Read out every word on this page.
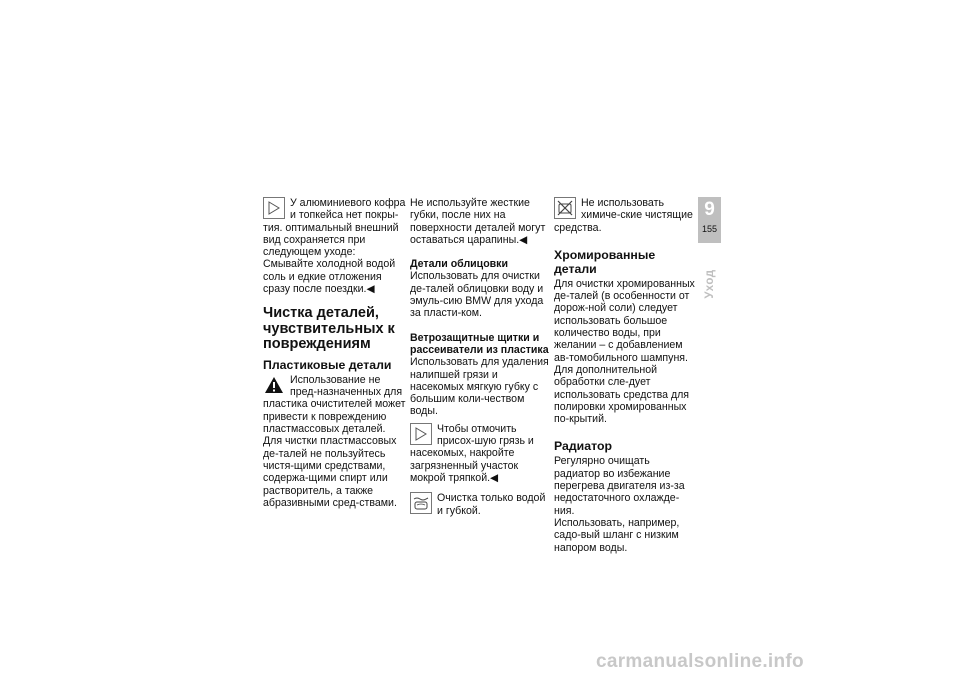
У алюминиевого кофра и топкейса нет покры-тия. оптимальный внешний вид сохраняется при следующем уходе:

Смывайте холодной водой соль и едкие отложения сразу после поездки.◀

Чистка деталей, чувствительных к повреждениям
Пластиковые детали

Использование не пред-назначенных для пластика очистителей может привести к повреждению пластмассовых деталей.

Для чистки пластмассовых де-талей не пользуйтесь чистя-щими средствами, содержа-щими спирт или растворитель, а также абразивными сред-ствами.

Не используйте жесткие губки, после них на поверхности деталей могут оставаться царапины.◀

Детали облицовки

Использовать для очистки де-талей облицовки воду и эмуль-сию BMW для ухода за пласти-ком.

Ветрозащитные щитки и рассеиватели из пластика

Использовать для удаления налипшей грязи и насекомых мягкую губку с большим коли-чеством воды.

Чтобы отмочить присох-шую грязь и насекомых, накройте загрязненный участок мокрой тряпкой.◀

Очистка только водой и губкой.

Не использовать химиче-ские чистящие средства.

Хромированные детали

Для очистки хромированных де-талей (в особенности от дорож-ной соли) следует использовать большое количество воды, при желании – с добавлением ав-томобильного шампуня. Для дополнительной обработки сле-дует использовать средства для полировки хромированных по-крытий.

Радиатор

Регулярно очищать радиатор во избежание перегрева двигателя из-за недостаточного охлажде-ния.

Использовать, например, садо-вый шланг с низким напором воды.

9
155
Уход
carmanualsonline.info
